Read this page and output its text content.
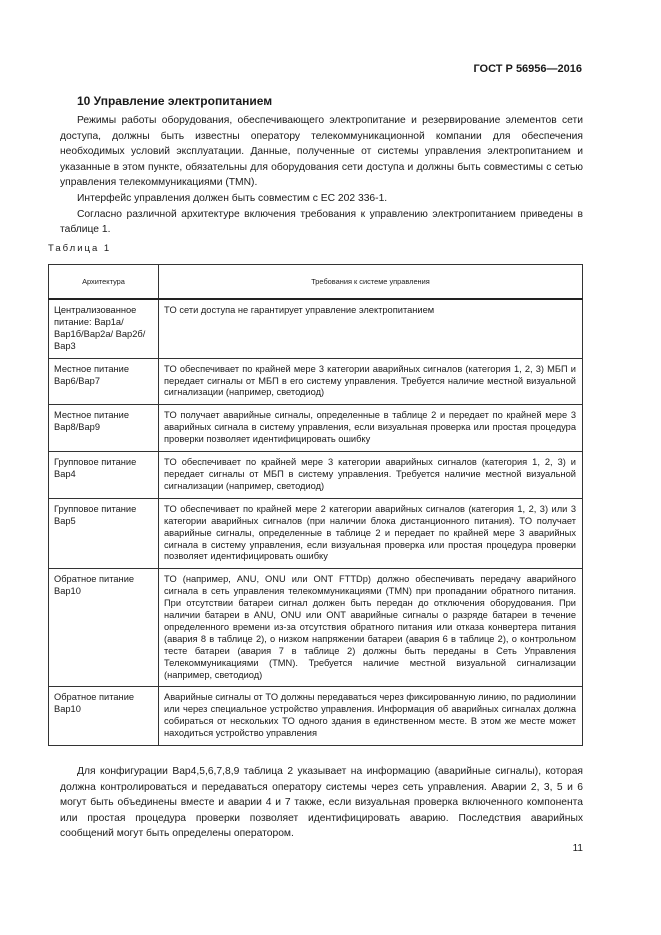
ГОСТ Р 56956—2016
10 Управление электропитанием

Режимы работы оборудования, обеспечивающего электропитание и резервирование элементов сети доступа, должны быть известны оператору телекоммуникационной компании для обеспечения необходимых условий эксплуатации. Данные, полученные от системы управления электропитанием и указанные в этом пункте, обязательны для оборудования сети доступа и должны быть совместимы с сетью управления телекоммуникациями (TMN).

Интерфейс управления должен быть совместим с ЕС 202 336-1.

Согласно различной архитектуре включения требования к управлению электропитанием приведены в таблице 1.

Таблица 1
Архитектура	Требования к системе управления
Централизованное питание: Вар1а/Вар1б/Вар2а/ Вар2б/Вар3	TO сети доступа не гарантирует управление электропитанием
Местное питание Вар6/Вар7	TO обеспечивает по крайней мере 3 категории аварийных сигналов (категория 1, 2, 3) МБП и передает сигналы от МБП в его систему управления. Требуется наличие местной визуальной сигнализации (например, светодиод)
Местное питание Вар8/Вар9	TO получает аварийные сигналы, определенные в таблице 2 и передает по крайней мере 3 аварийных сигнала в систему управления, если визуальная проверка или простая процедура проверки позволяет идентифицировать ошибку
Групповое питание Вар4	TO обеспечивает по крайней мере 3 категории аварийных сигналов (категория 1, 2, 3) и передает сигналы от МБП в систему управления. Требуется наличие местной визуальной сигнализации (например, светодиод)
Групповое питание Вар5	TO обеспечивает по крайней мере 2 категории аварийных сигналов (категория 1, 2, 3) или 3 категории аварийных сигналов (при наличии блока дистанционного питания). TO получает аварийные сигналы, определенные в таблице 2 и передает по крайней мере 3 аварийных сигнала в систему управления, если визуальная проверка или простая процедура проверки позволяет идентифицировать ошибку
Обратное питание Вар10	TO (например, ANU, ONU или ONT FTTDp) должно обеспечивать передачу аварийного сигнала в сеть управления телекоммуникациями (TMN) при пропадании обратного питания. При отсутствии батареи сигнал должен быть передан до отключения оборудования. При наличии батареи в ANU, ONU или ONT аварийные сигналы о разряде батареи в течение определенного времени из-за отсутствия обратного питания или отказа конвертера питания (авария 8 в таблице 2), о низком напряжении батареи (авария 6 в таблице 2), о контрольном тесте батареи (авария 7 в таблице 2) должны быть переданы в Сеть Управления Телекоммуникациями (TMN). Требуется наличие местной визуальной сигнализации (например, светодиод)
Обратное питание Вар10	Аварийные сигналы от TO должны передаваться через фиксированную линию, по радиолинии или через специальное устройство управления. Информация об аварийных сигналах должна собираться от нескольких TO одного здания в единственном месте. В этом же месте может находиться устройство управления

Для конфигурации Вар4,5,6,7,8,9 таблица 2 указывает на информацию (аварийные сигналы), которая должна контролироваться и передаваться оператору системы через сеть управления. Аварии 2, 3, 5 и 6 могут быть объединены вместе и аварии 4 и 7 также, если визуальная проверка включенного компонента или простая процедура проверки позволяет идентифицировать аварию. Последствия аварийных сообщений могут быть определены оператором.

11
